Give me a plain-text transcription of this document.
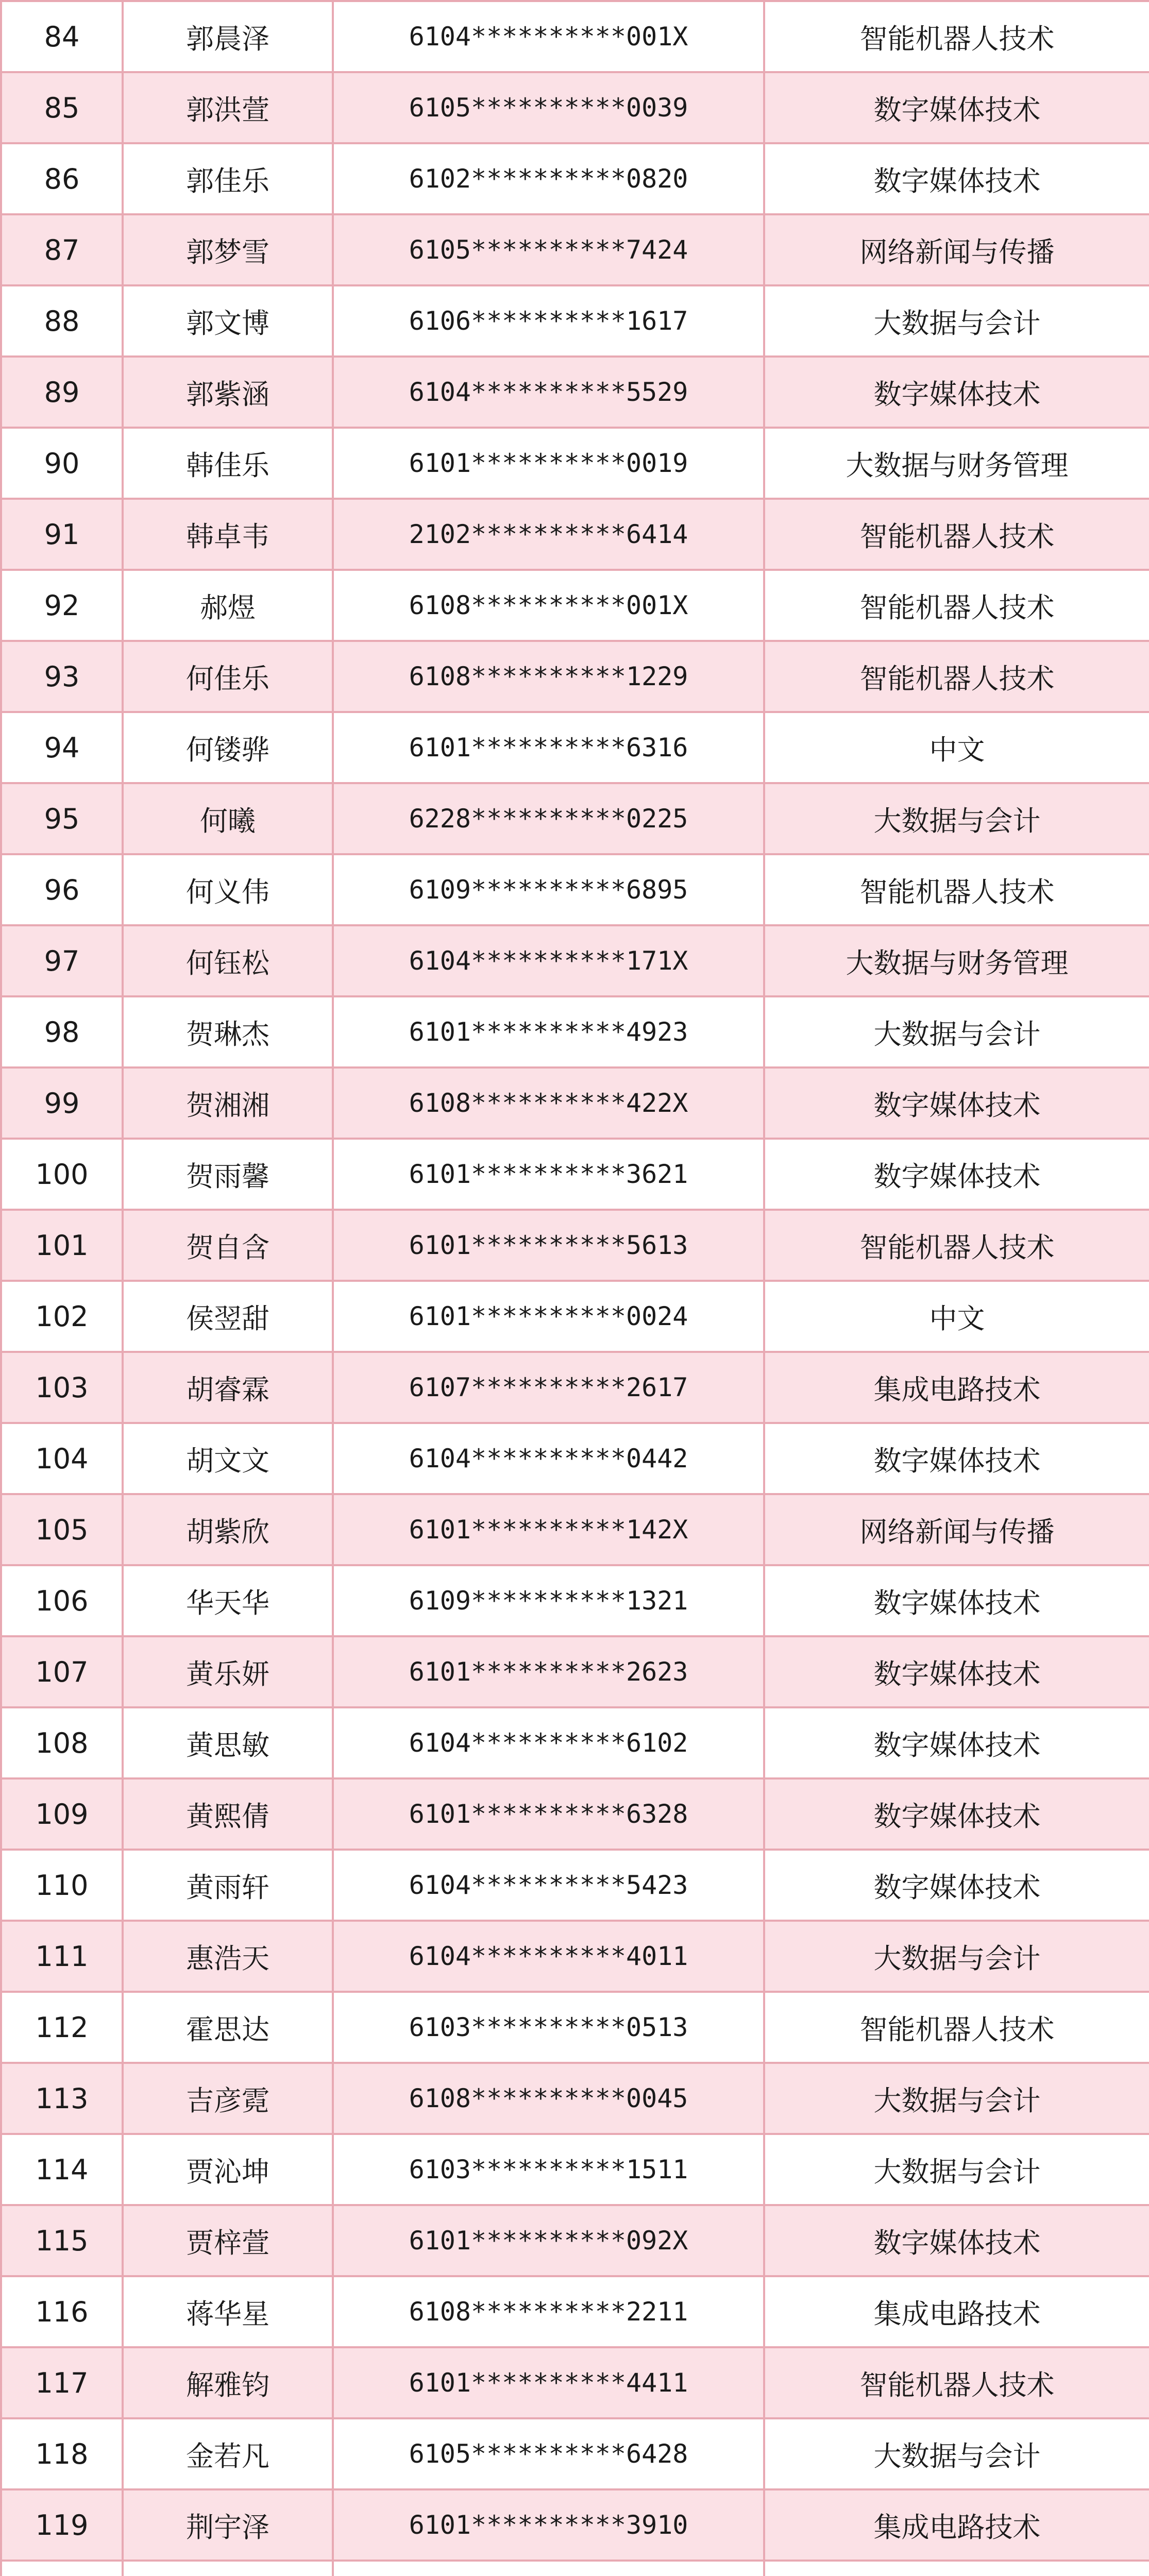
84	郭晨泽	6104**********001X	智能机器人技术
85	郭洪萱	6105**********0039	数字媒体技术
86	郭佳乐	6102**********0820	数字媒体技术
87	郭梦雪	6105**********7424	网络新闻与传播
88	郭文博	6106**********1617	大数据与会计
89	郭紫涵	6104**********5529	数字媒体技术
90	韩佳乐	6101**********0019	大数据与财务管理
91	韩卓韦	2102**********6414	智能机器人技术
92	郝煜	6108**********001X	智能机器人技术
93	何佳乐	6108**********1229	智能机器人技术
94	何镂骅	6101**********6316	中文
95	何曦	6228**********0225	大数据与会计
96	何义伟	6109**********6895	智能机器人技术
97	何钰松	6104**********171X	大数据与财务管理
98	贺琳杰	6101**********4923	大数据与会计
99	贺湘湘	6108**********422X	数字媒体技术
100	贺雨馨	6101**********3621	数字媒体技术
101	贺自含	6101**********5613	智能机器人技术
102	侯翌甜	6101**********0024	中文
103	胡睿霖	6107**********2617	集成电路技术
104	胡文文	6104**********0442	数字媒体技术
105	胡紫欣	6101**********142X	网络新闻与传播
106	华天华	6109**********1321	数字媒体技术
107	黄乐妍	6101**********2623	数字媒体技术
108	黄思敏	6104**********6102	数字媒体技术
109	黄熙倩	6101**********6328	数字媒体技术
110	黄雨轩	6104**********5423	数字媒体技术
111	惠浩天	6104**********4011	大数据与会计
112	霍思达	6103**********0513	智能机器人技术
113	吉彦霓	6108**********0045	大数据与会计
114	贾沁坤	6103**********1511	大数据与会计
115	贾梓萱	6101**********092X	数字媒体技术
116	蒋华星	6108**********2211	集成电路技术
117	解雅钧	6101**********4411	智能机器人技术
118	金若凡	6105**********6428	大数据与会计
119	荆宇泽	6101**********3910	集成电路技术
